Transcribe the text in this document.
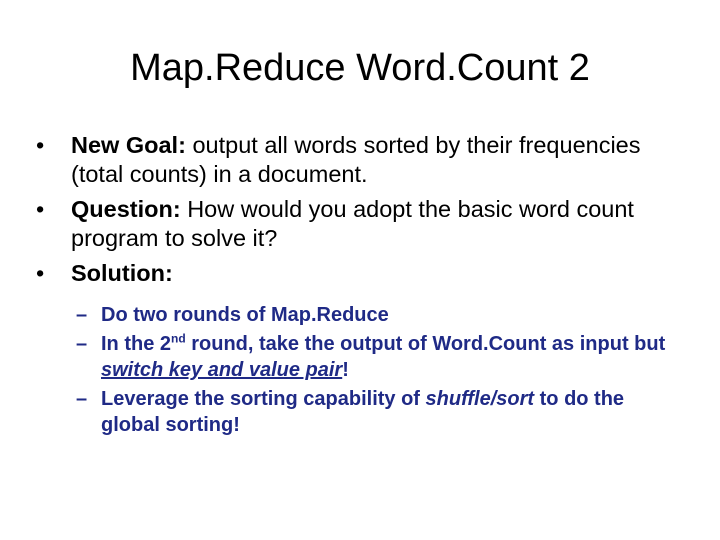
Map.Reduce Word.Count 2
•	New Goal: output all words sorted by their frequencies (total counts) in a document.
•	Question: How would you adopt the basic word count program to solve it?
•	Solution:
– Do two rounds of Map.Reduce
– In the 2nd round, take the output of Word.Count as input but switch key and value pair!
– Leverage the sorting capability of shuffle/sort to do the global sorting!
